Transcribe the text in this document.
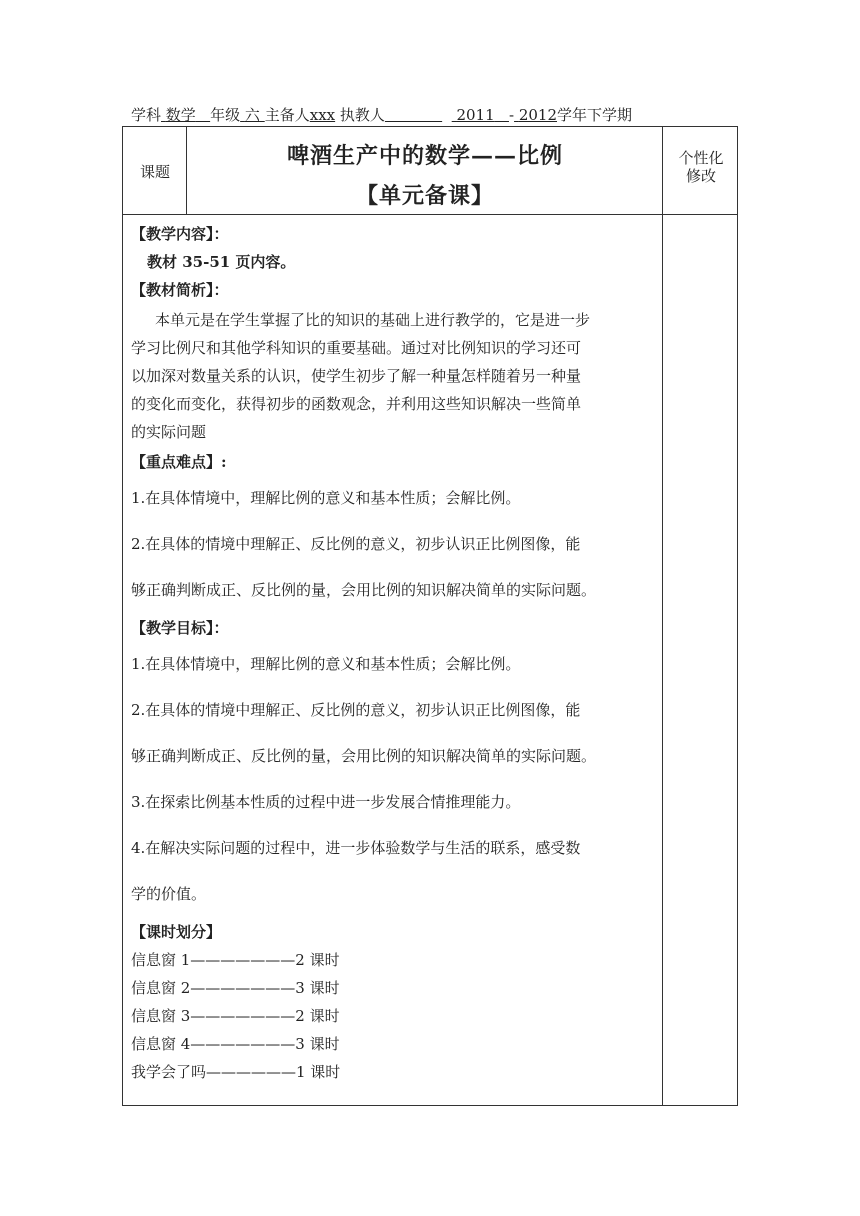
学科 数学 年级 六 主备人xxx 执教人	2011 - 2012学年下学期
课题
啤酒生产中的数学——比例
【单元备课】
个性化
修改
【教学内容】：
教材 35-51 页内容。
【教材简析】：
本单元是在学生掌握了比的知识的基础上进行教学的，它是进一步
学习比例尺和其他学科知识的重要基础。通过对比例知识的学习还可
以加深对数量关系的认识，使学生初步了解一种量怎样随着另一种量
的变化而变化，获得初步的函数观念，并利用这些知识解决一些简单
的实际问题
【重点难点】:
1.在具体情境中，理解比例的意义和基本性质；会解比例。
2.在具体的情境中理解正、反比例的意义，初步认识正比例图像，能
够正确判断成正、反比例的量，会用比例的知识解决简单的实际问题。
【教学目标】：
1.在具体情境中，理解比例的意义和基本性质；会解比例。
2.在具体的情境中理解正、反比例的意义，初步认识正比例图像，能
够正确判断成正、反比例的量，会用比例的知识解决简单的实际问题。
3.在探索比例基本性质的过程中进一步发展合情推理能力。
4.在解决实际问题的过程中，进一步体验数学与生活的联系，感受数
学的价值。
【课时划分】
信息窗 1———————2 课时
信息窗 2———————3 课时
信息窗 3———————2 课时
信息窗 4———————3 课时
我学会了吗——————1 课时
